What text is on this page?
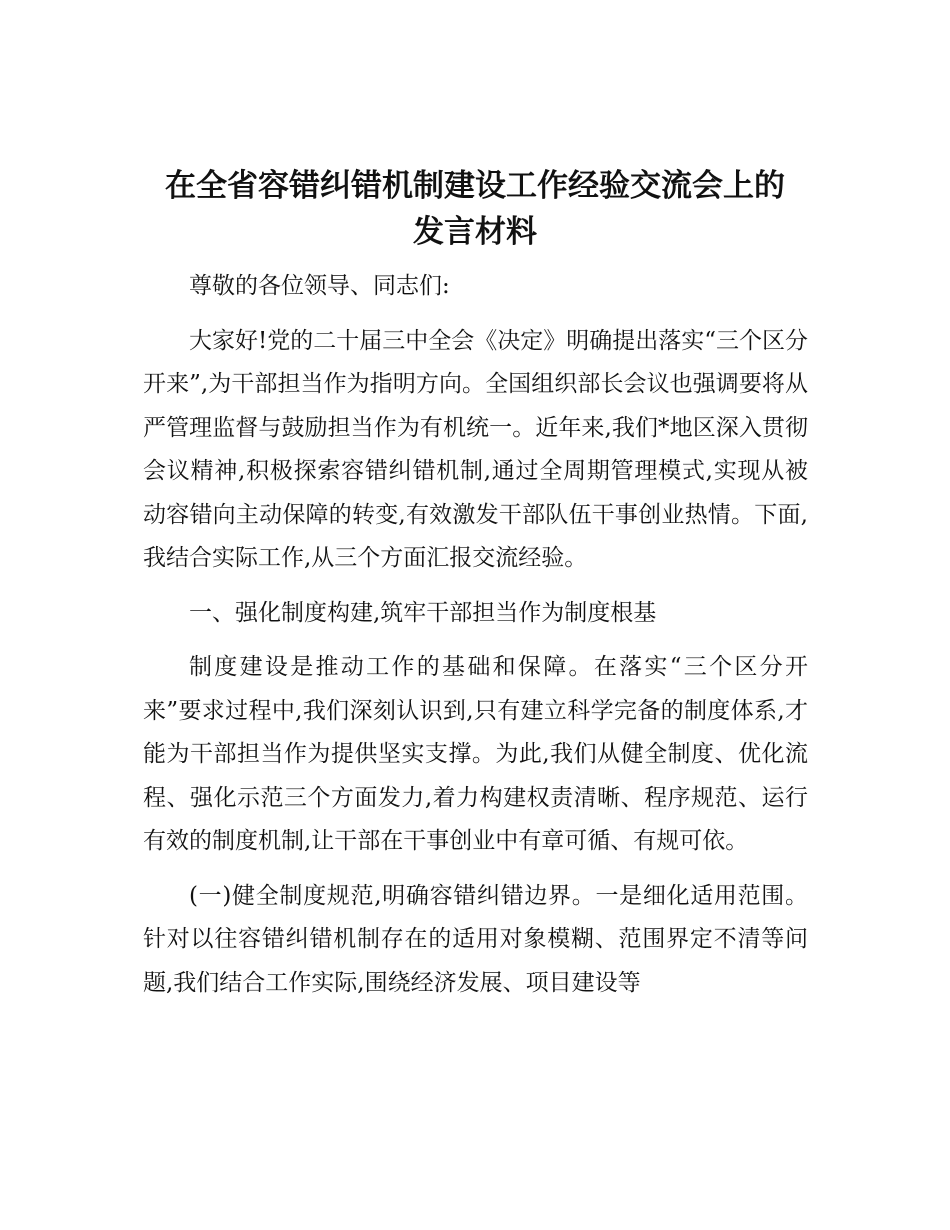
在全省容错纠错机制建设工作经验交流会上的
发言材料

尊敬的各位领导、同志们:

大家好!党的二十届三中全会《决定》明确提出落实“三个区分开来”,为干部担当作为指明方向。全国组织部长会议也强调要将从严管理监督与鼓励担当作为有机统一。近年来,我们*地区深入贯彻会议精神,积极探索容错纠错机制,通过全周期管理模式,实现从被动容错向主动保障的转变,有效激发干部队伍干事创业热情。下面,我结合实际工作,从三个方面汇报交流经验。

一、强化制度构建,筑牢干部担当作为制度根基

制度建设是推动工作的基础和保障。在落实“三个区分开来”要求过程中,我们深刻认识到,只有建立科学完备的制度体系,才能为干部担当作为提供坚实支撑。为此,我们从健全制度、优化流程、强化示范三个方面发力,着力构建权责清晰、程序规范、运行有效的制度机制,让干部在干事创业中有章可循、有规可依。

(一)健全制度规范,明确容错纠错边界。一是细化适用范围。针对以往容错纠错机制存在的适用对象模糊、范围界定不清等问题,我们结合工作实际,围绕经济发展、项目建设等
